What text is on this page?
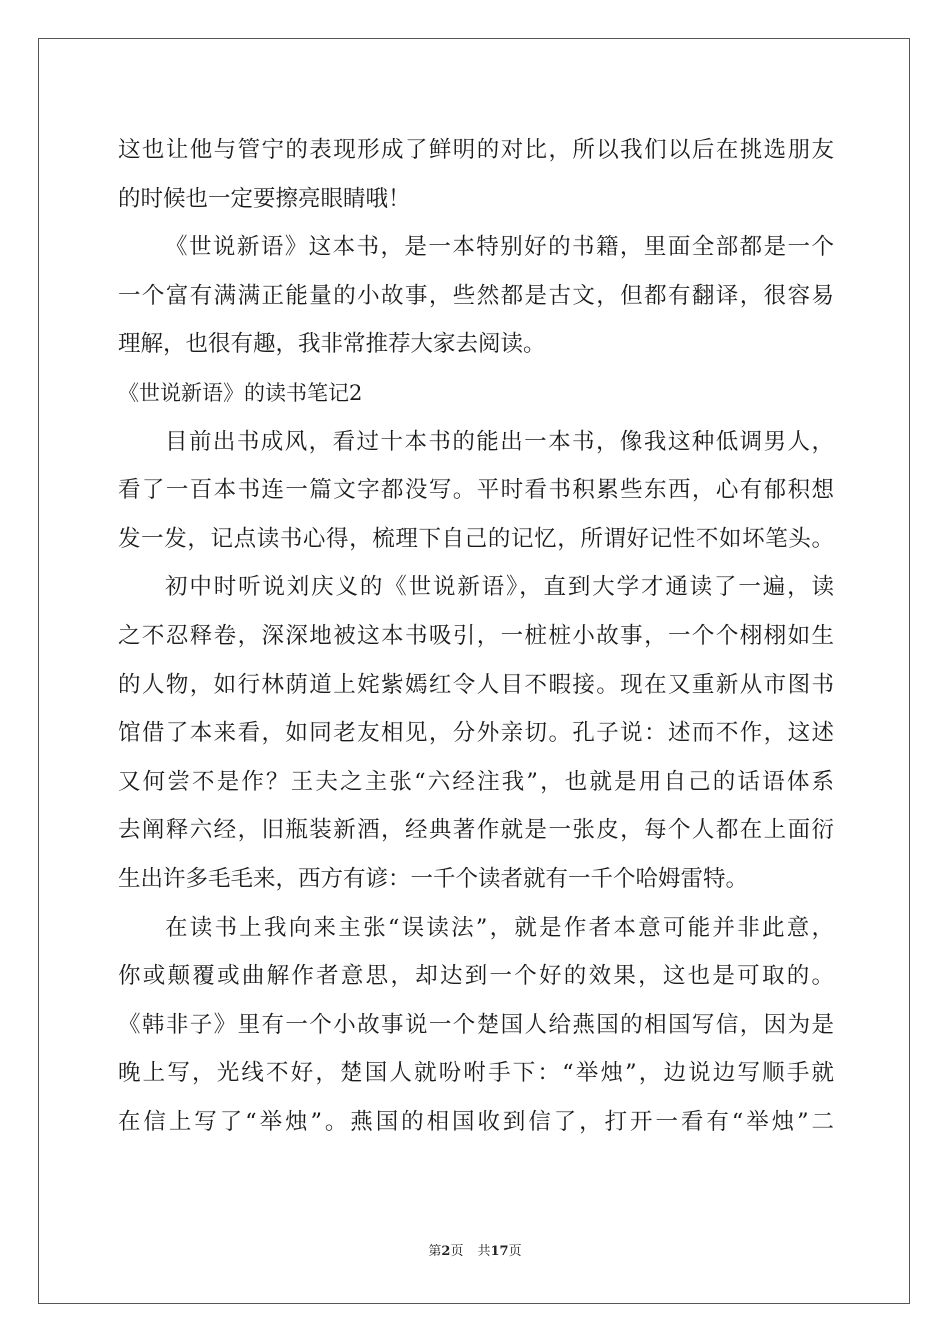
这也让他与管宁的表现形成了鲜明的对比，所以我们以后在挑选朋友
的时候也一定要擦亮眼睛哦！
《世说新语》这本书，是一本特别好的书籍，里面全部都是一个
一个富有满满正能量的小故事，些然都是古文，但都有翻译，很容易
理解，也很有趣，我非常推荐大家去阅读。
《世说新语》的读书笔记2
目前出书成风，看过十本书的能出一本书，像我这种低调男人，
看了一百本书连一篇文字都没写。平时看书积累些东西，心有郁积想
发一发，记点读书心得，梳理下自己的记忆，所谓好记性不如坏笔头。
初中时听说刘庆义的《世说新语》，直到大学才通读了一遍，读
之不忍释卷，深深地被这本书吸引，一桩桩小故事，一个个栩栩如生
的人物，如行林荫道上姹紫嫣红令人目不暇接。现在又重新从市图书
馆借了本来看，如同老友相见，分外亲切。孔子说：述而不作，这述
又何尝不是作？王夫之主张“六经注我”，也就是用自己的话语体系
去阐释六经，旧瓶装新酒，经典著作就是一张皮，每个人都在上面衍
生出许多毛毛来，西方有谚：一千个读者就有一千个哈姆雷特。
在读书上我向来主张“误读法”，就是作者本意可能并非此意，
你或颠覆或曲解作者意思，却达到一个好的效果，这也是可取的。
《韩非子》里有一个小故事说一个楚国人给燕国的相国写信，因为是
晚上写，光线不好，楚国人就吩咐手下：“举烛”，边说边写顺手就
在信上写了“举烛”。燕国的相国收到信了，打开一看有“举烛”二
第2页 共17页
